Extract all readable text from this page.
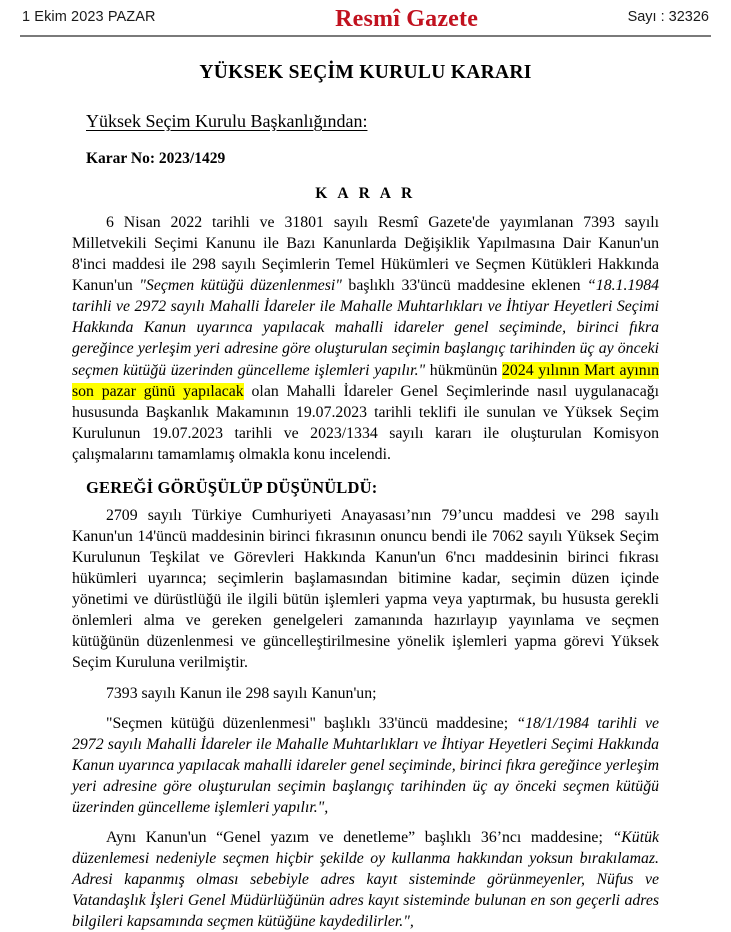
1 Ekim 2023 PAZAR	Resmî Gazete	Sayı : 32326
YÜKSEK SEÇİM KURULU KARARI
Yüksek Seçim Kurulu Başkanlığından:
Karar No: 2023/1429
K A R A R

6 Nisan 2022 tarihli ve 31801 sayılı Resmî Gazete'de yayımlanan 7393 sayılı Milletvekili Seçimi Kanunu ile Bazı Kanunlarda Değişiklik Yapılmasına Dair Kanun'un 8'inci maddesi ile 298 sayılı Seçimlerin Temel Hükümleri ve Seçmen Kütükleri Hakkında Kanun'un "Seçmen kütüğü düzenlenmesi" başlıklı 33'üncü maddesine eklenen “18.1.1984 tarihli ve 2972 sayılı Mahalli İdareler ile Mahalle Muhtarlıkları ve İhtiyar Heyetleri Seçimi Hakkında Kanun uyarınca yapılacak mahalli idareler genel seçiminde, birinci fıkra gereğince yerleşim yeri adresine göre oluşturulan seçimin başlangıç tarihinden üç ay önceki seçmen kütüğü üzerinden güncelleme işlemleri yapılır." hükmünün 2024 yılının Mart ayının son pazar günü yapılacak olan Mahalli İdareler Genel Seçimlerinde nasıl uygulanacağı hususunda Başkanlık Makamının 19.07.2023 tarihli teklifi ile sunulan ve Yüksek Seçim Kurulunun 19.07.2023 tarihli ve 2023/1334 sayılı kararı ile oluşturulan Komisyon çalışmalarını tamamlamış olmakla konu incelendi.

GEREĞİ GÖRÜŞÜLÜP DÜŞÜNÜLDÜ:

2709 sayılı Türkiye Cumhuriyeti Anayasası’nın 79’uncu maddesi ve 298 sayılı Kanun'un 14'üncü maddesinin birinci fıkrasının onuncu bendi ile 7062 sayılı Yüksek Seçim Kurulunun Teşkilat ve Görevleri Hakkında Kanun'un 6'ncı maddesinin birinci fıkrası hükümleri uyarınca; seçimlerin başlamasından bitimine kadar, seçimin düzen içinde yönetimi ve dürüstlüğü ile ilgili bütün işlemleri yapma veya yaptırmak, bu hususta gerekli önlemleri alma ve gereken genelgeleri zamanında hazırlayıp yayınlama ve seçmen kütüğünün düzenlenmesi ve güncelleştirilmesine yönelik işlemleri yapma görevi Yüksek Seçim Kuruluna verilmiştir.

7393 sayılı Kanun ile 298 sayılı Kanun'un;

"Seçmen kütüğü düzenlenmesi" başlıklı 33'üncü maddesine; “18/1/1984 tarihli ve 2972 sayılı Mahalli İdareler ile Mahalle Muhtarlıkları ve İhtiyar Heyetleri Seçimi Hakkında Kanun uyarınca yapılacak mahalli idareler genel seçiminde, birinci fıkra gereğince yerleşim yeri adresine göre oluşturulan seçimin başlangıç tarihinden üç ay önceki seçmen kütüğü üzerinden güncelleme işlemleri yapılır.",

Aynı Kanun'un “Genel yazım ve denetleme” başlıklı 36’ncı maddesine; “Kütük düzenlemesi nedeniyle seçmen hiçbir şekilde oy kullanma hakkından yoksun bırakılamaz. Adresi kapanmış olması sebebiyle adres kayıt sisteminde görünmeyenler, Nüfus ve Vatandaşlık İşleri Genel Müdürlüğünün adres kayıt sisteminde bulunan en son geçerli adres bilgileri kapsamında seçmen kütüğüne kaydedilirler.",
